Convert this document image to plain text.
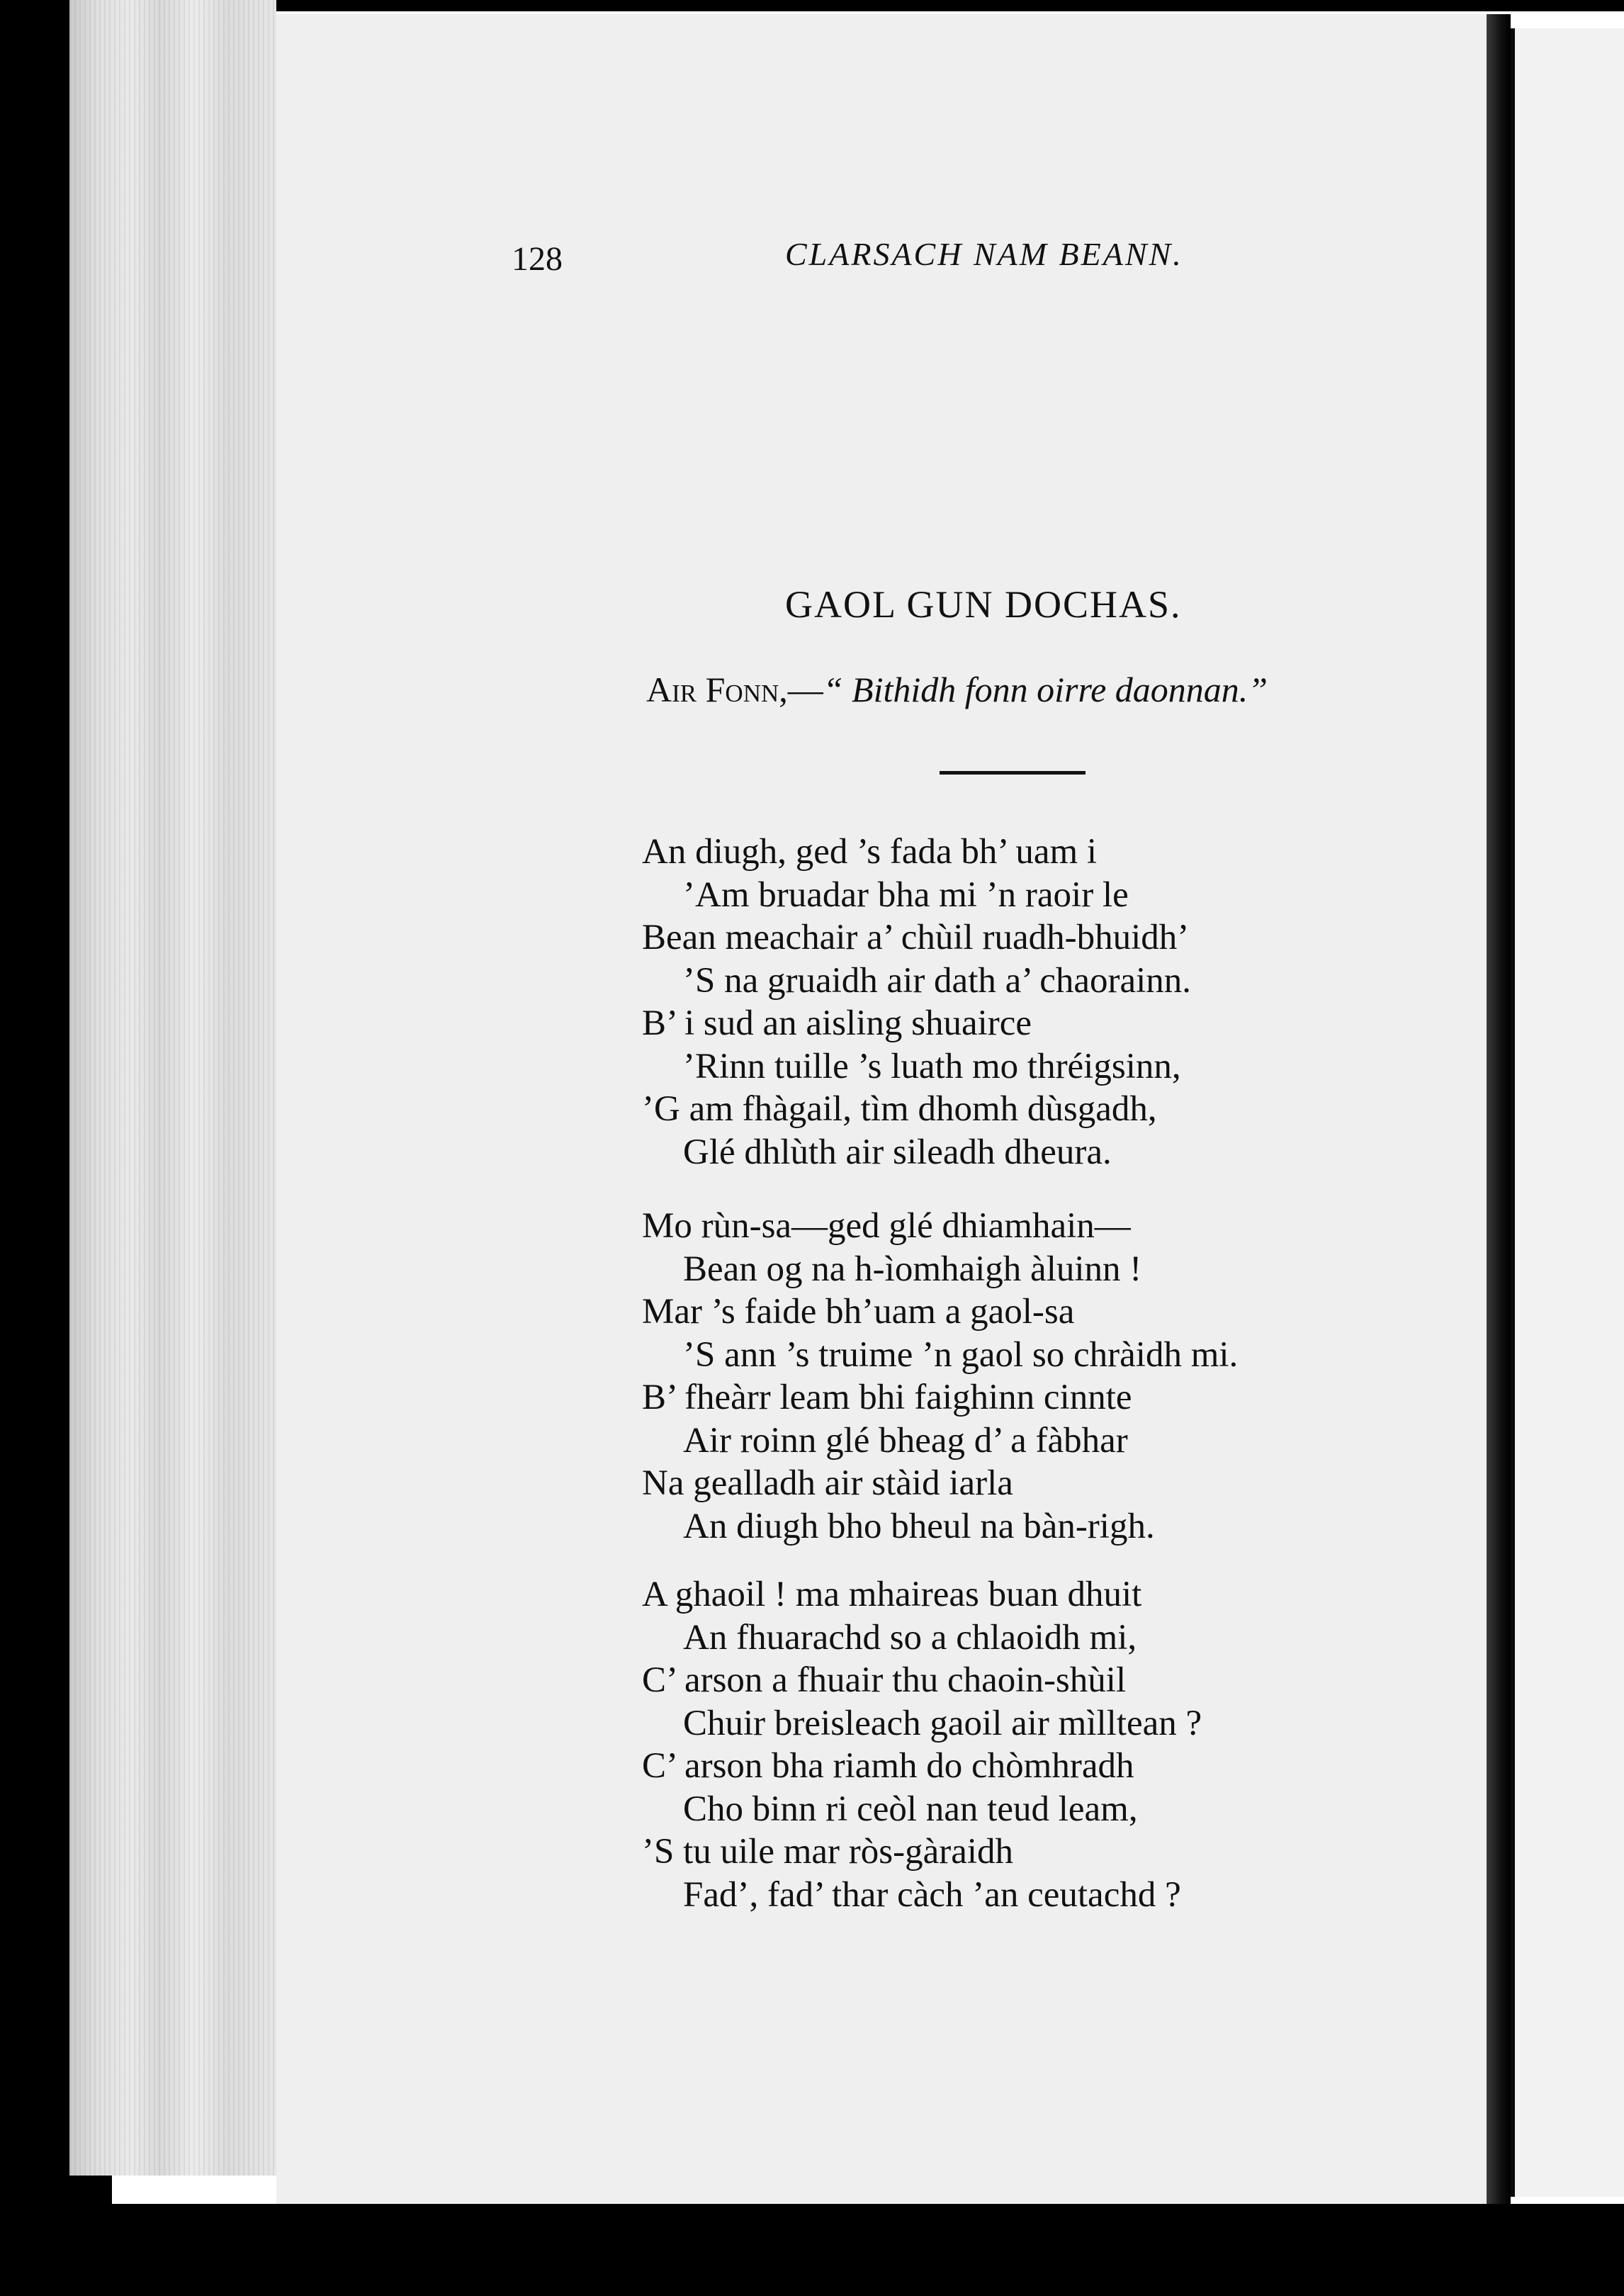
128	CLARSACH NAM BEANN.
GAOL GUN DOCHAS.
Air Fonn,—“ Bithidh fonn oirre daonnan.”
An diugh, ged ’s fada bh’ uam i
’Am bruadar bha mi ’n raoir le
Bean meachair a’ chùil ruadh-bhuidh’
’S na gruaidh air dath a’ chaorainn.
B’ i sud an aisling shuairce
’Rinn tuille ’s luath mo thréigsinn,
’G am fhàgail, tìm dhomh dùsgadh,
Glé dhlùth air sileadh dheura.
Mo rùn-sa—ged glé dhiamhain—
Bean og na h-ìomhaigh àluinn !
Mar ’s faide bh’uam a gaol-sa
’S ann ’s truime ’n gaol so chràidh mi.
B’ fheàrr leam bhi faighinn cinnte
Air roinn glé bheag d’ a fàbhar
Na gealladh air stàid iarla
An diugh bho bheul na bàn-righ.
A ghaoil ! ma mhaireas buan dhuit
An fhuarachd so a chlaoidh mi,
C’ arson a fhuair thu chaoin-shùil
Chuir breisleach gaoil air mìlltean ?
C’ arson bha riamh do chòmhradh
Cho binn ri ceòl nan teud leam,
’S tu uile mar ròs-gàraidh
Fad’, fad’ thar càch ’an ceutachd ?
